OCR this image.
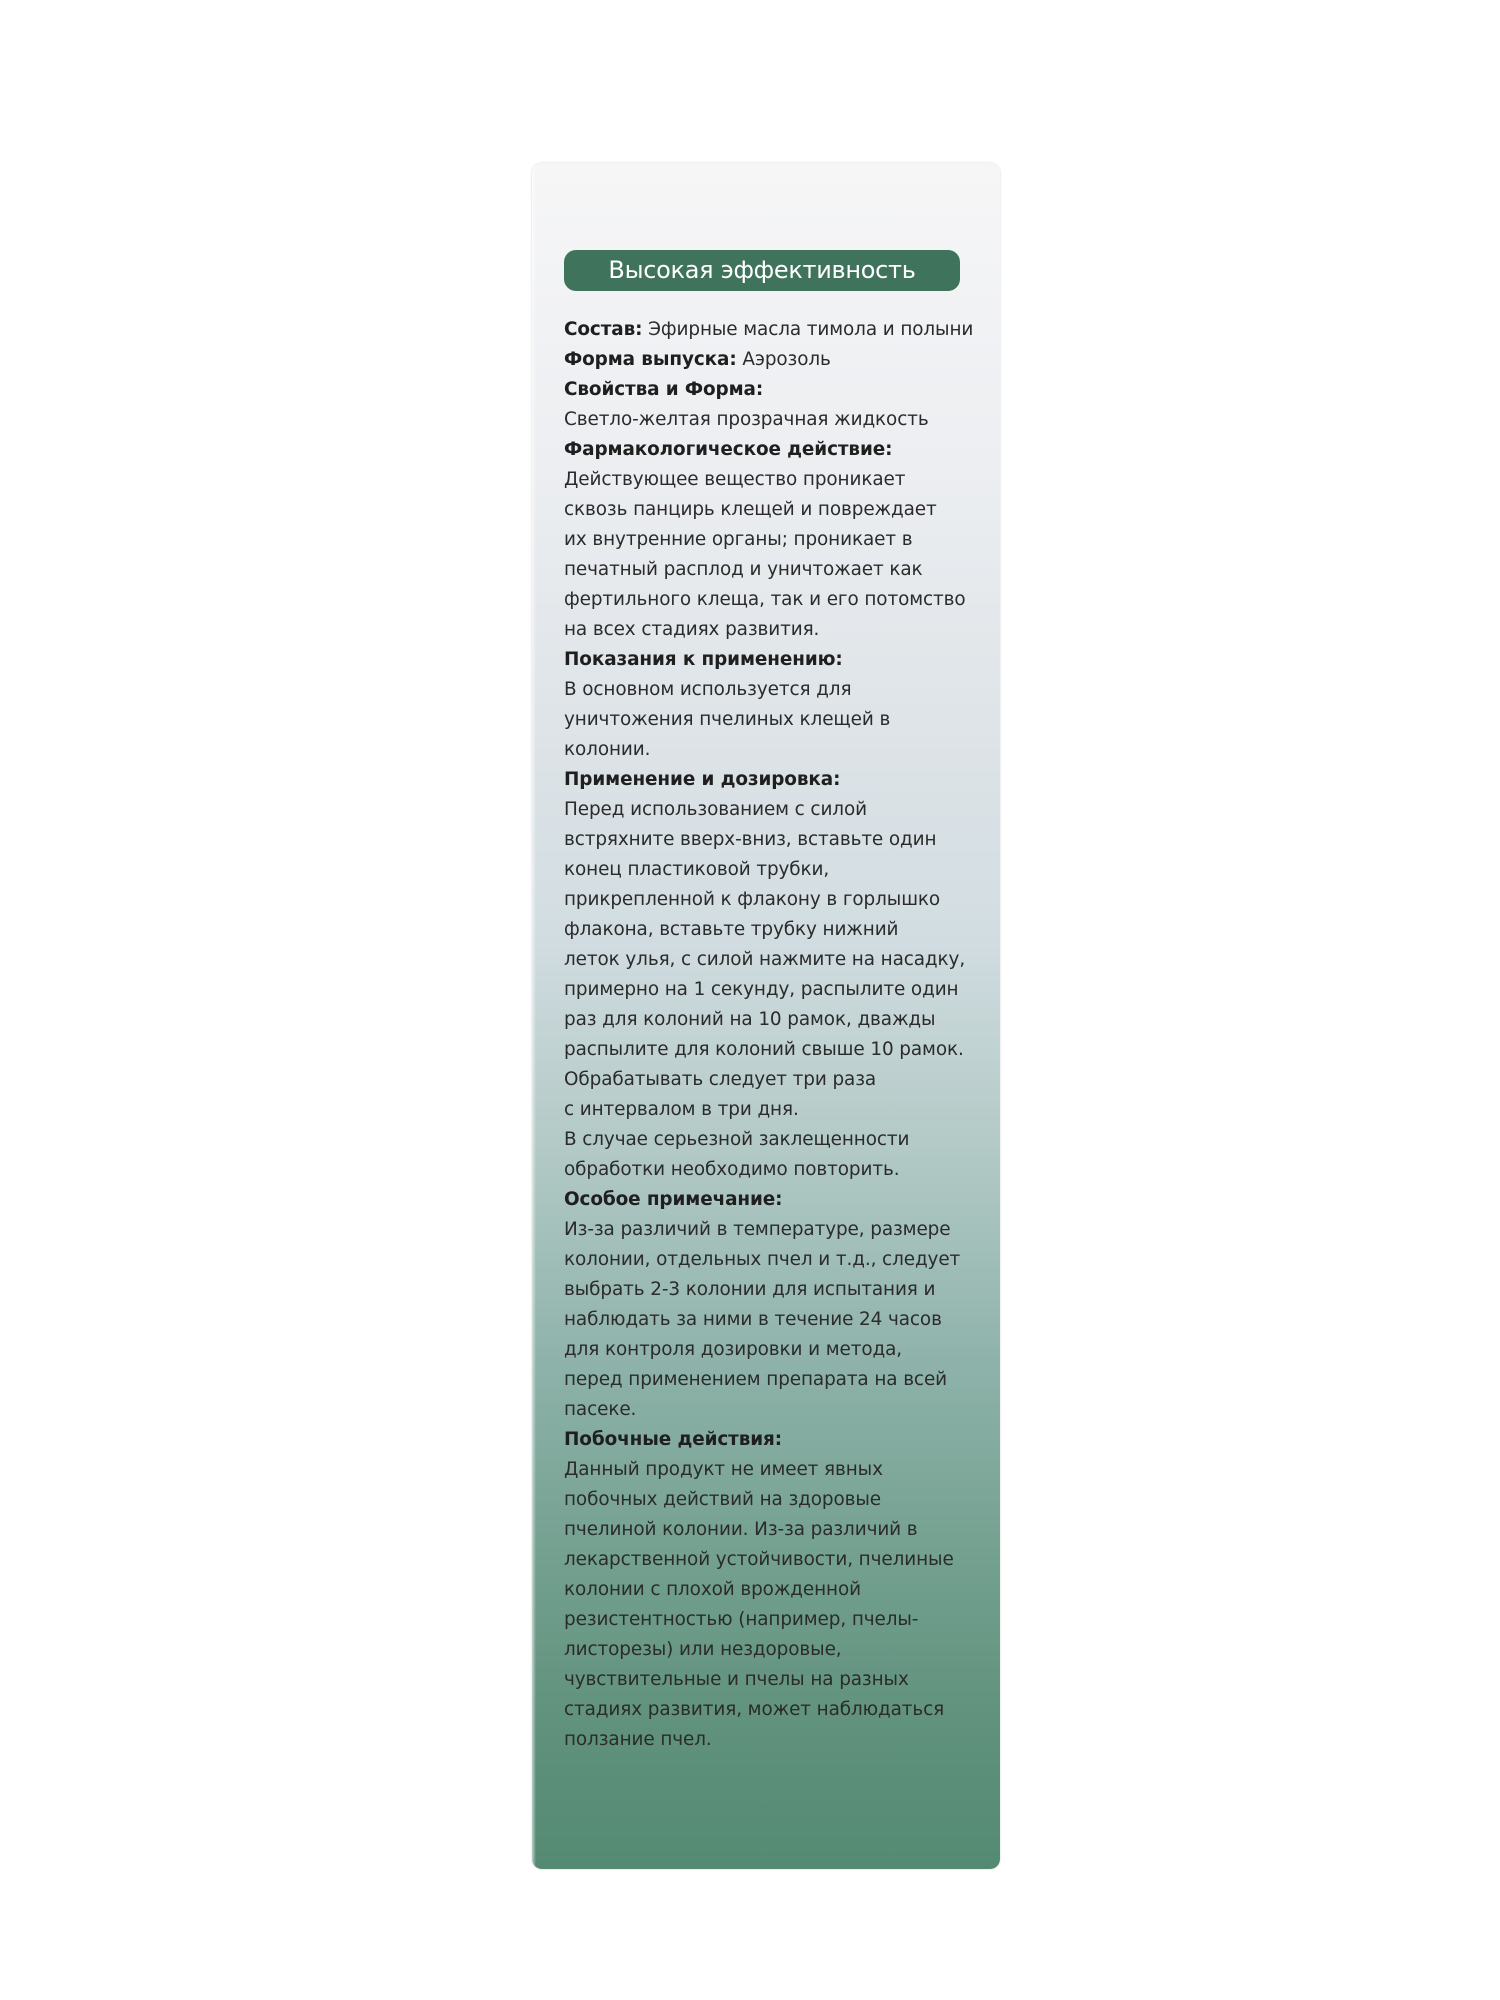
Высокая эффективность
Состав: Эфирные масла тимола и полыни
Форма выпуска: Аэрозоль
Свойства и Форма:
Светло-желтая прозрачная жидкость
Фармакологическое действие:
Действующее вещество проникает
сквозь панцирь клещей и повреждает
их внутренние органы; проникает в
печатный расплод и уничтожает как
фертильного клеща, так и его потомство
на всех стадиях развития.
Показания к применению:
В основном используется для
уничтожения пчелиных клещей в
колонии.
Применение и дозировка:
Перед использованием с силой
встряхните вверх-вниз, вставьте один
конец пластиковой трубки,
прикрепленной к флакону в горлышко
флакона, вставьте трубку нижний
леток улья, с силой нажмите на насадку,
примерно на 1 секунду, распылите один
раз для колоний на 10 рамок, дважды
распылите для колоний свыше 10 рамок.
Обрабатывать следует три раза
с интервалом в три дня.
В случае серьезной заклещенности
обработки необходимо повторить.
Особое примечание:
Из-за различий в температуре, размере
колонии, отдельных пчел и т.д., следует
выбрать 2-3 колонии для испытания и
наблюдать за ними в течение 24 часов
для контроля дозировки и метода,
перед применением препарата на всей
пасеке.
Побочные действия:
Данный продукт не имеет явных
побочных действий на здоровые
пчелиной колонии. Из-за различий в
лекарственной устойчивости, пчелиные
колонии с плохой врожденной
резистентностью (например, пчелы-
листорезы) или нездоровые,
чувствительные и пчелы на разных
стадиях развития, может наблюдаться
ползание пчел.
